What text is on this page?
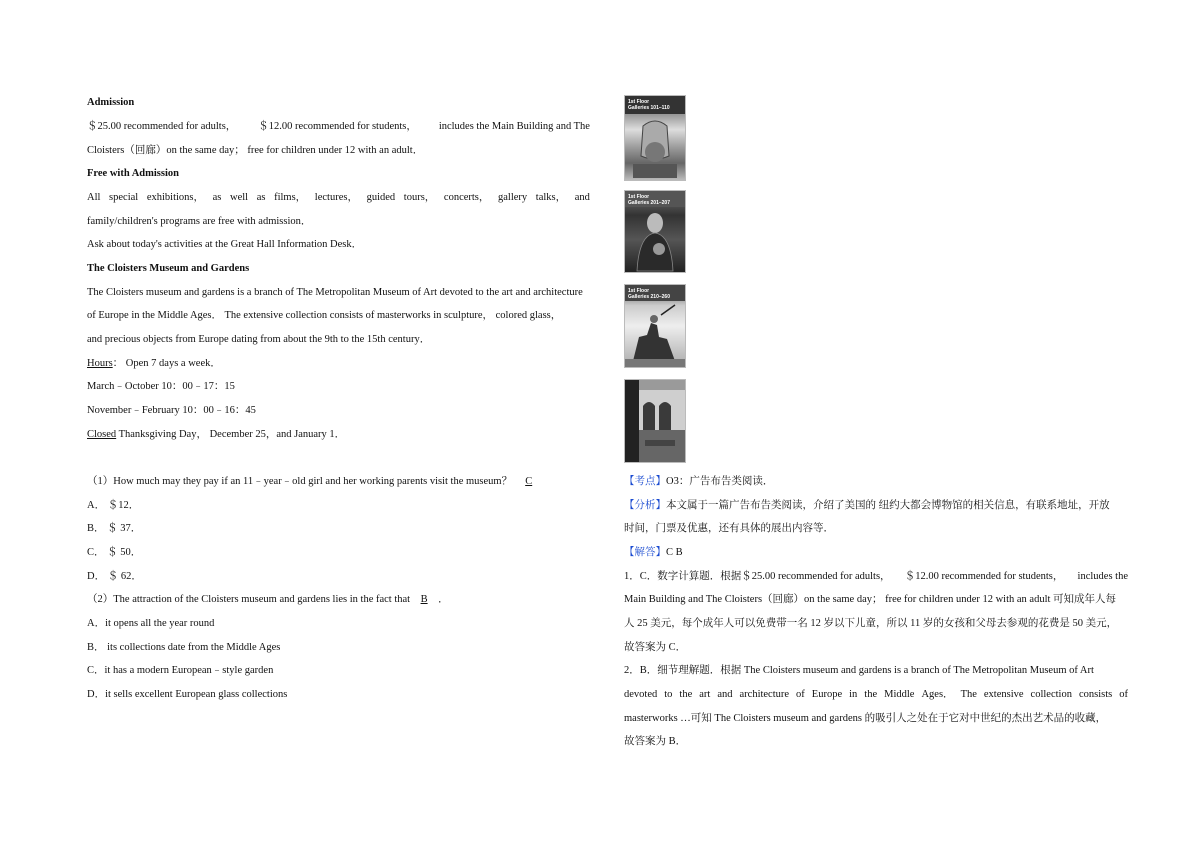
Admission
＄25.00 recommended for adults， ＄12.00 recommended for students， includes the Main Building and The
Cloisters（回廊）on the same day； free for children under 12 with an adult．
Free with Admission
All special exhibitions， as well as films， lectures， guided tours， concerts， gallery talks， and
family/children's programs are free with admission．
Ask about today's activities at the Great Hall Information Desk．
The Cloisters Museum and Gardens
The Cloisters museum and gardens is a branch of The Metropolitan Museum of Art devoted to the art and architecture
of Europe in the Middle Ages． The extensive collection consists of masterworks in sculpture， colored glass，
and precious objects from Europe dating from about the 9th to the 15th century．
Hours： Open 7 days a week．
March﹣October 10：00﹣17：15
November﹣February 10：00﹣16：45
Closed Thanksgiving Day， December 25，and January 1．
（1）How much may they pay if an 11﹣year﹣old girl and her working parents visit the museum？ C
A． ＄12．
B． ＄ 37．
C． ＄ 50．
D． ＄ 62．
（2）The attraction of the Cloisters museum and gardens lies in the fact that B ．
A．it opens all the year round
B． its collections date from the Middle Ages
C．it has a modern European﹣style garden
D．it sells excellent European glass collections
1st Floor
Galleries 101–110
1st Floor
Galleries 201–207
1st Floor
Galleries 210–260
【考点】O3：广告布告类阅读．
【分析】本文属于一篇广告布告类阅读，介绍了美国的 纽约大都会博物馆的相关信息，有联系地址，开放
时间，门票及优惠，还有具体的展出内容等．
【解答】C B
1．C．数字计算题．根据＄25.00 recommended for adults， ＄12.00 recommended for students， includes the
Main Building and The Cloisters（回廊）on the same day； free for children under 12 with an adult 可知成年人每
人 25 美元，每个成年人可以免费带一名 12 岁以下儿童，所以 11 岁的女孩和父母去参观的花费是 50 美元，
故答案为 C．
2．B．细节理解题．根据 The Cloisters museum and gardens is a branch of The Metropolitan Museum of Art
devoted to the art and architecture of Europe in the Middle Ages． The extensive collection consists of
masterworks …可知 The Cloisters museum and gardens 的吸引人之处在于它对中世纪的杰出艺术品的收藏，
故答案为 B．
